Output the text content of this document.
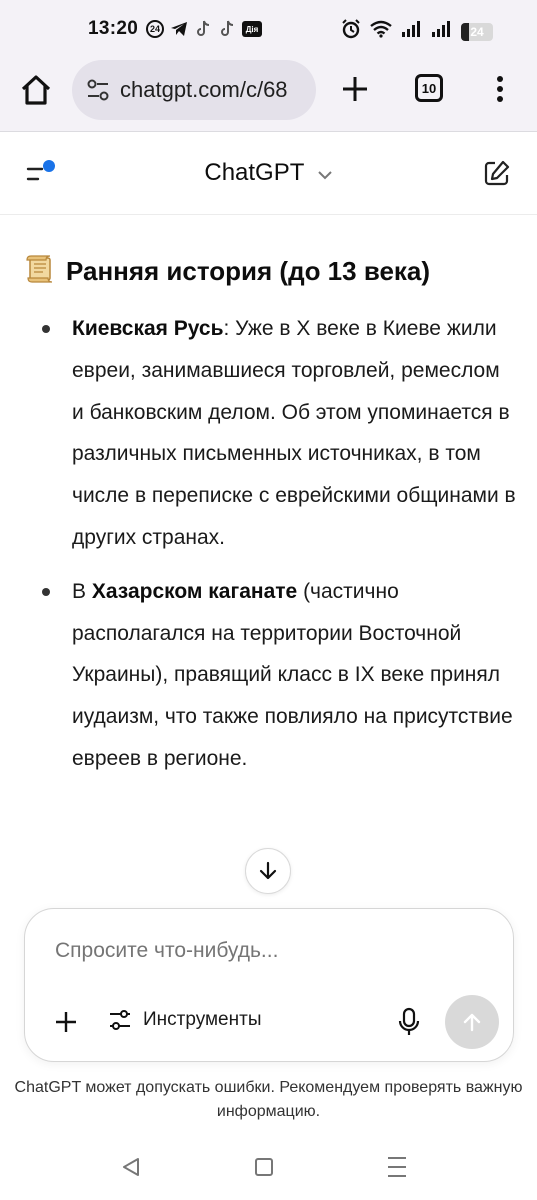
13:20	24	Дія	24
chatgpt.com/c/68	10
ChatGPT
Ранняя история (до 13 века)
Киевская Русь: Уже в X веке в Киеве жили евреи, занимавшиеся торговлей, ремеслом и банковским делом. Об этом упоминается в различных письменных источниках, в том числе в переписке с еврейскими общинами в других странах.
В Хазарском каганате (частично располагался на территории Восточной Украины), правящий класс в IX веке принял иудаизм, что также повлияло на присутствие евреев в регионе.
Спросите что-нибудь...
Инструменты
ChatGPT может допускать ошибки. Рекомендуем проверять важную информацию.
